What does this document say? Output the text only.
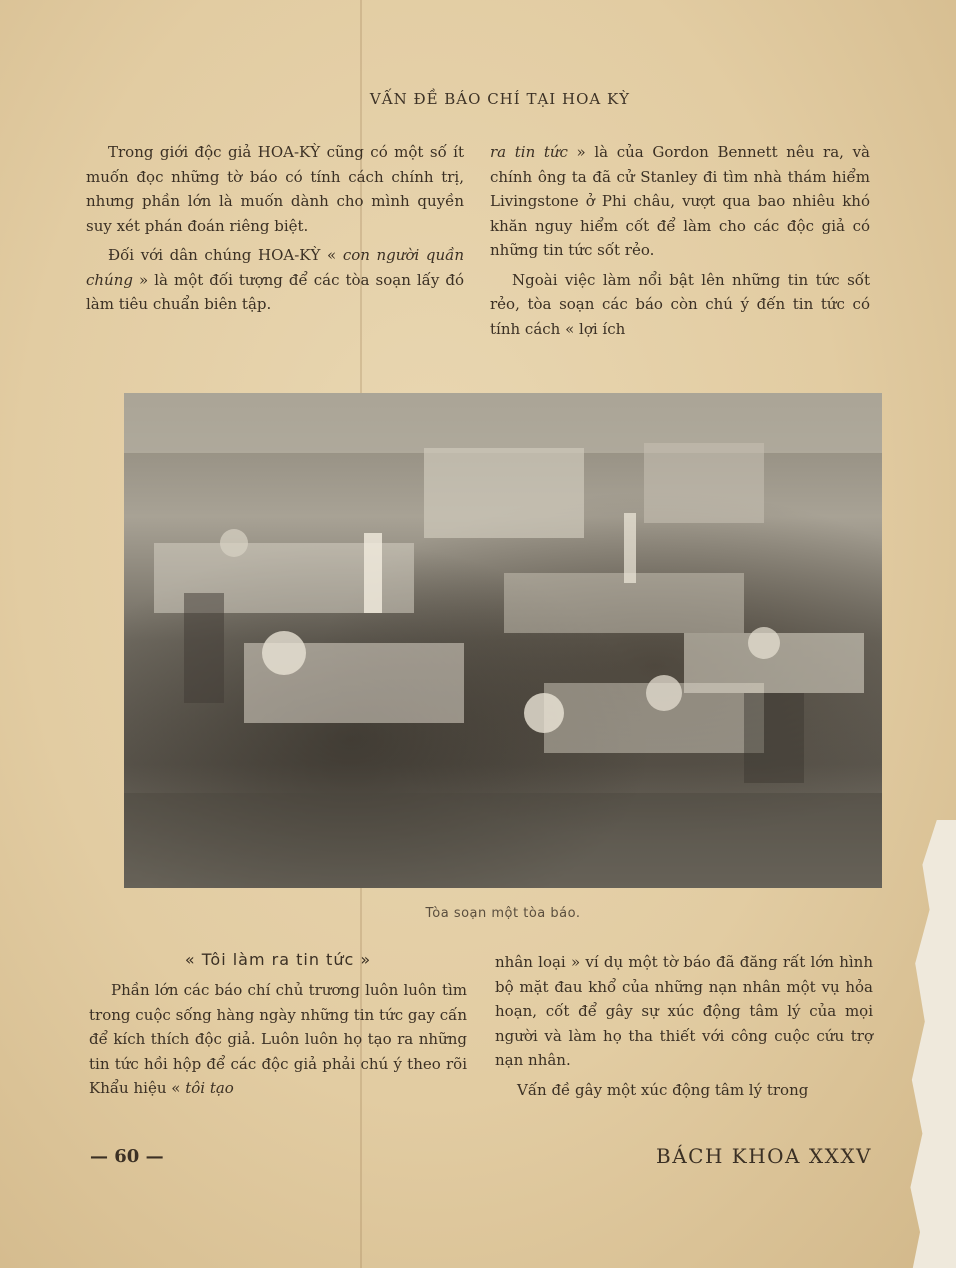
VẤN ĐỀ BÁO CHÍ TẠI HOA KỲ

Trong giới độc giả HOA-KỲ cũng có một số ít muốn đọc những tờ báo có tính cách chính trị, nhưng phần lớn là muốn dành cho mình quyền suy xét phán đoán riêng biệt.

Đối với dân chúng HOA-KỲ « con người quần chúng » là một đối tượng để các tòa soạn lấy đó làm tiêu chuẩn biên tập.

ra tin tức » là của Gordon Bennett nêu ra, và chính ông ta đã cử Stanley đi tìm nhà thám hiểm Livingstone ở Phi châu, vượt qua bao nhiêu khó khăn nguy hiểm cốt để làm cho các độc giả có những tin tức sốt rẻo.

Ngoài việc làm nổi bật lên những tin tức sốt rẻo, tòa soạn các báo còn chú ý đến tin tức có tính cách « lợi ích

Tòa soạn một tòa báo.
« Tôi làm ra tin tức »

Phần lớn các báo chí chủ trương luôn luôn tìm trong cuộc sống hàng ngày những tin tức gay cấn để kích thích độc giả. Luôn luôn họ tạo ra những tin tức hồi hộp để các độc giả phải chú ý theo rõi Khẩu hiệu « tôi tạo

nhân loại » ví dụ một tờ báo đã đăng rất lớn hình bộ mặt đau khổ của những nạn nhân một vụ hỏa hoạn, cốt để gây sự xúc động tâm lý của mọi người và làm họ tha thiết với công cuộc cứu trợ nạn nhân.

Vấn đề gây một xúc động tâm lý trong

— 60 —	BÁCH KHOA XXXV
